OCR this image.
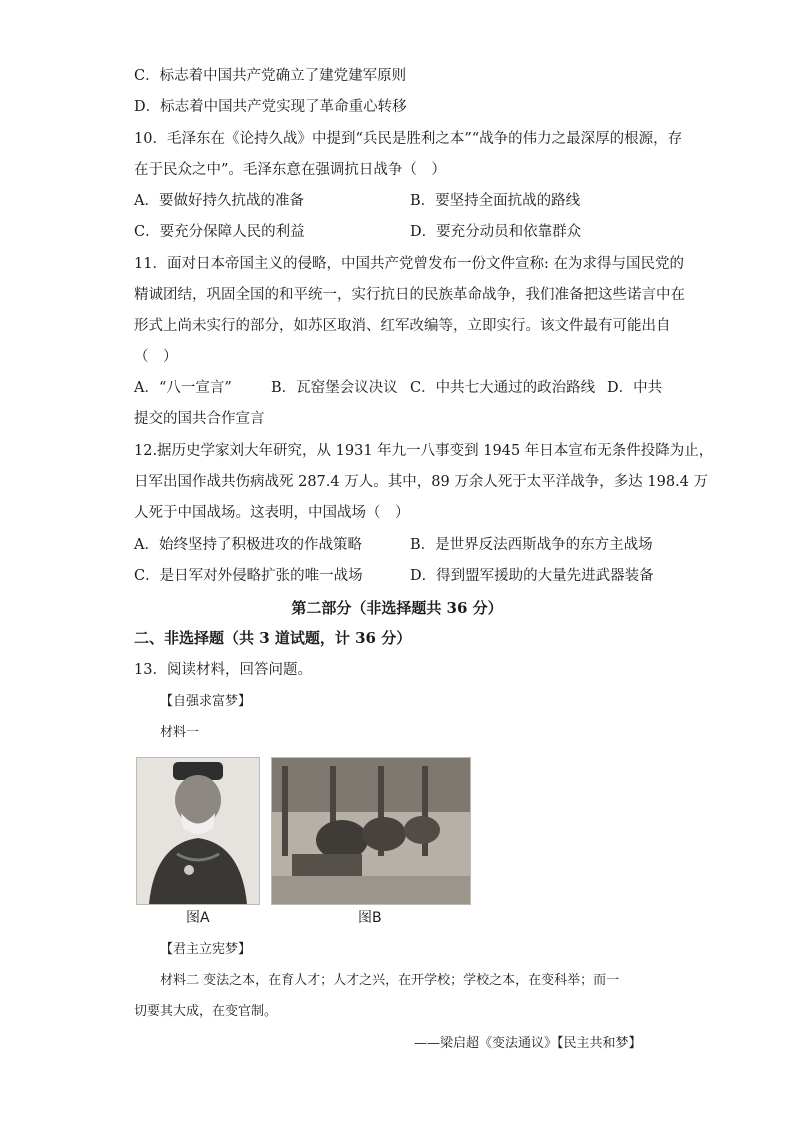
C．标志着中国共产党确立了建党建军原则
D．标志着中国共产党实现了革命重心转移
10．毛泽东在《论持久战》中提到“兵民是胜利之本”“战争的伟力之最深厚的根源，存
在于民众之中”。毛泽东意在强调抗日战争（　）
A．要做好持久抗战的准备	B．要坚持全面抗战的路线
C．要充分保障人民的利益	D．要充分动员和依靠群众
11．面对日本帝国主义的侵略，中国共产党曾发布一份文件宣称: 在为求得与国民党的
精诚团结，巩固全国的和平统一，实行抗日的民族革命战争，我们准备把这些诺言中在
形式上尚未实行的部分，如苏区取消、红军改编等，立即实行。该文件最有可能出自
（　）
A．“八一宣言”	B．瓦窑堡会议决议 C．中共七大通过的政治路线 D．中共
提交的国共合作宣言
12.据历史学家刘大年研究，从 1931 年九一八事变到 1945 年日本宣布无条件投降为止，
日军出国作战共伤病战死 287.4 万人。其中，89 万余人死于太平洋战争，多达 198.4 万
人死于中国战场。这表明，中国战场（　）
A．始终坚持了积极进攻的作战策略	B．是世界反法西斯战争的东方主战场
C．是日军对外侵略扩张的唯一战场	D．得到盟军援助的大量先进武器装备
第二部分（非选择题共 36 分）
二、非选择题（共 3 道试题，计 36 分）
13．阅读材料，回答问题。
【自强求富梦】
材料一
图A	图B
【君主立宪梦】
材料二 变法之本，在育人才；人才之兴，在开学校；学校之本，在变科举；而一
切要其大成，在变官制。
——梁启超《变法通议》【民主共和梦】
